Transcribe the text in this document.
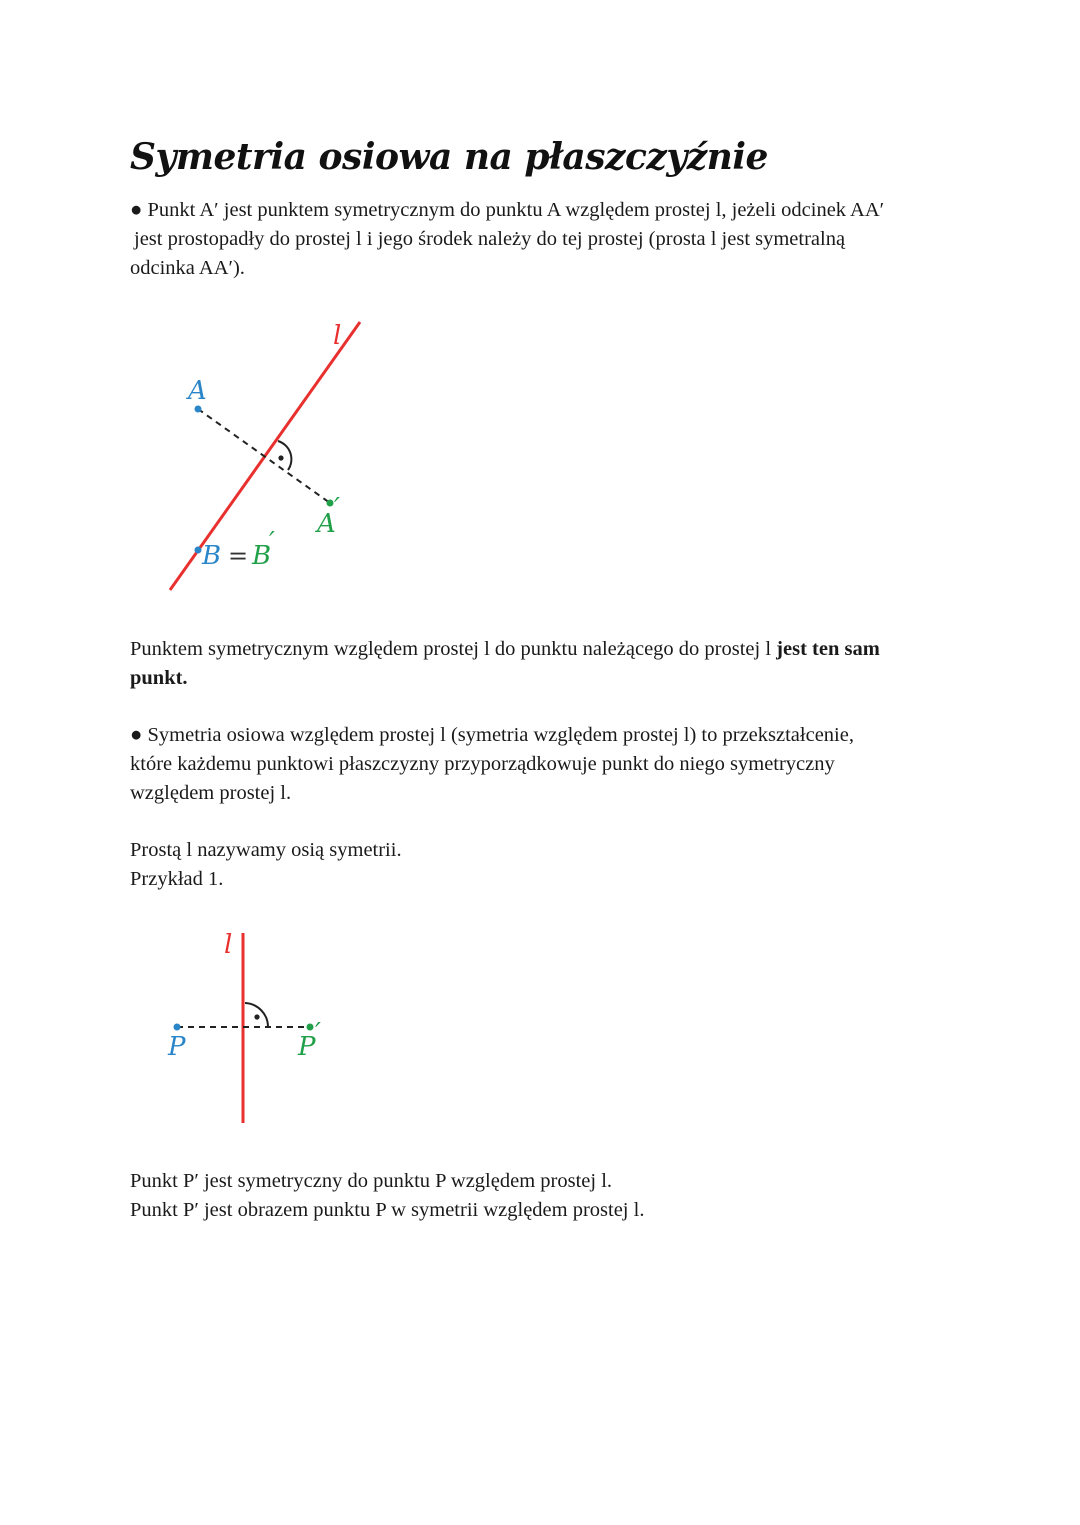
Symetria osiowa na płaszczyźnie
● Punkt A′ jest punktem symetrycznym do punktu A względem prostej l, jeżeli odcinek AA′
jest prostopadły do prostej l i jego środek należy do tej prostej (prosta l jest symetralną
odcinka AA′).
l
A
A
′
B = B
′
Punktem symetrycznym względem prostej l do punktu należącego do prostej l jest ten sam
punkt.
● Symetria osiowa względem prostej l (symetria względem prostej l) to przekształcenie,
które każdemu punktowi płaszczyzny przyporządkowuje punkt do niego symetryczny
względem prostej l.
Prostą l nazywamy osią symetrii.
Przykład 1.
l
P	P ′
Punkt P′ jest symetryczny do punktu P względem prostej l.
Punkt P′ jest obrazem punktu P w symetrii względem prostej l.
